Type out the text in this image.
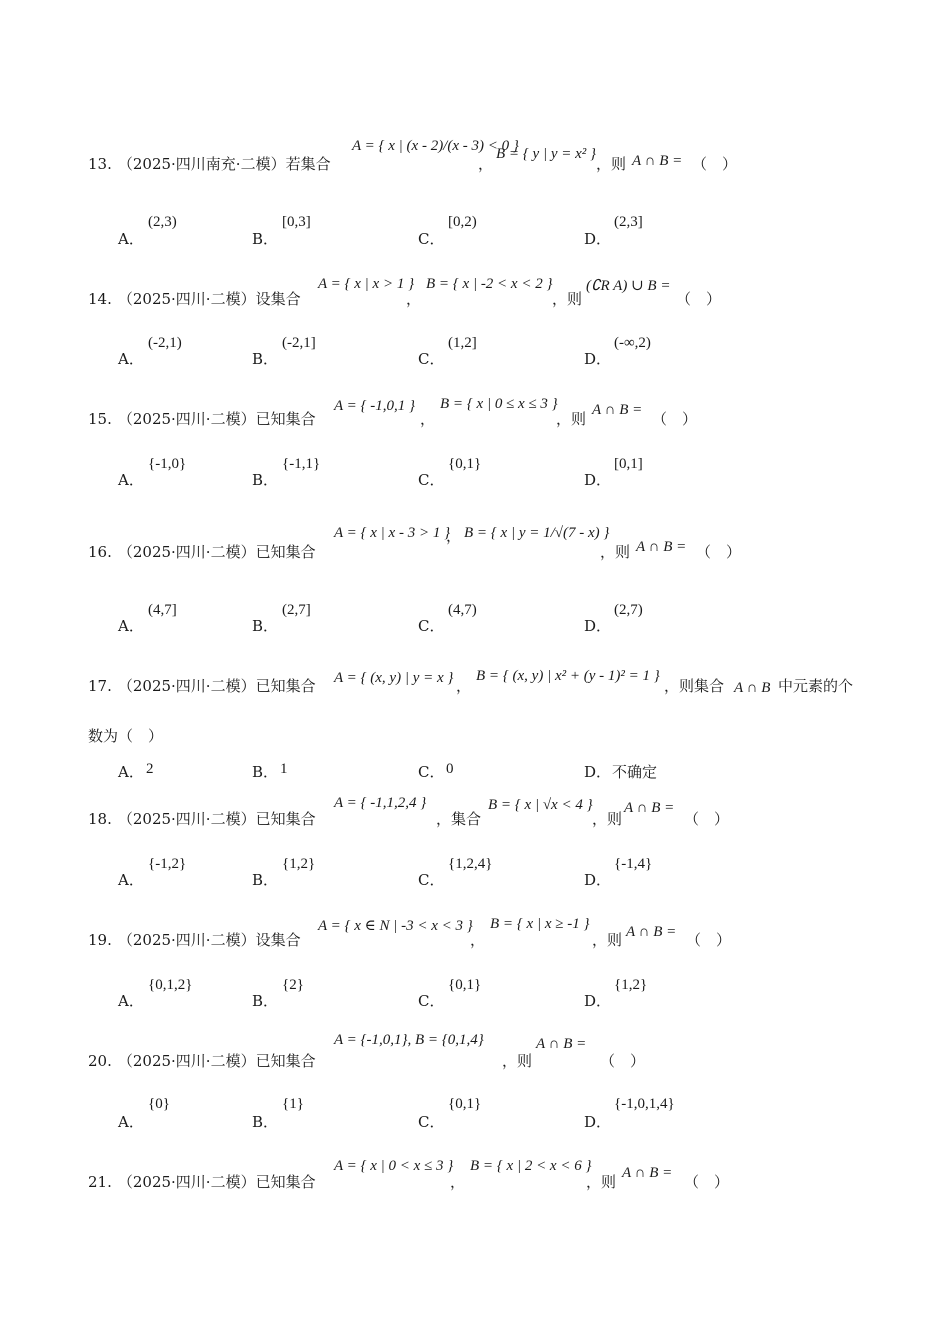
13. （2025·四川南充·二模）若集合
A = { x | (x - 2)/(x - 3) < 0 }
，
B = { y | y = x² }
，则 A ∩ B = （　）
A．
(2,3)
B．
[0,3]
C．
[0,2)
D．
(2,3]
14. （2025·四川·二模）设集合
A = { x | x > 1 }
，
B = { x | -2 < x < 2 }
，则
(∁R A) ∪ B =
（　）
A．
(-2,1)
B．
(-2,1]
C．
(1,2]
D．
(-∞,2)
15. （2025·四川·二模）已知集合
A = { -1,0,1 }
，
B = { x | 0 ≤ x ≤ 3 }
，则
A ∩ B =
（　）
A．
{-1,0}
B．
{-1,1}
C．
{0,1}
D．
[0,1]
16. （2025·四川·二模）已知集合
A = { x | x - 3 > 1 }
， B = { x | y = 1/√(7 - x) }
，则 A ∩ B = （　）
A．
(4,7]
B．
(2,7]
C．
(4,7)
D．
(2,7)
17. （2025·四川·二模）已知集合 A = { (x, y) | y = x }
，
B = { (x, y) | x² + (y - 1)² = 1 }
，则集合 A ∩ B 中元素的个
数为（　）
A． 2	B． 1	C． 0	D． 不确定
18. （2025·四川·二模）已知集合
A = { -1,1,2,4 }
，集合
B = { x | √x < 4 }
，则
A ∩ B =
（　）
A．
{-1,2}
B．
{1,2}
C．
{1,2,4}
D．
{-1,4}
19. （2025·四川·二模）设集合
A = { x ∈ N | -3 < x < 3 }
，
B = { x | x ≥ -1 }
，则
A ∩ B =
（　）
A．
{0,1,2}
B．
{2}
C．
{0,1}
D．
{1,2}
20. （2025·四川·二模）已知集合
A = {-1,0,1}, B = {0,1,4}
，则
A ∩ B =
（　）
A．
{0}
B．
{1}
C．
{0,1}
D．
{-1,0,1,4}
21. （2025·四川·二模）已知集合
A = { x | 0 < x ≤ 3 }
，
B = { x | 2 < x < 6 }
，则
A ∩ B =
（　）
